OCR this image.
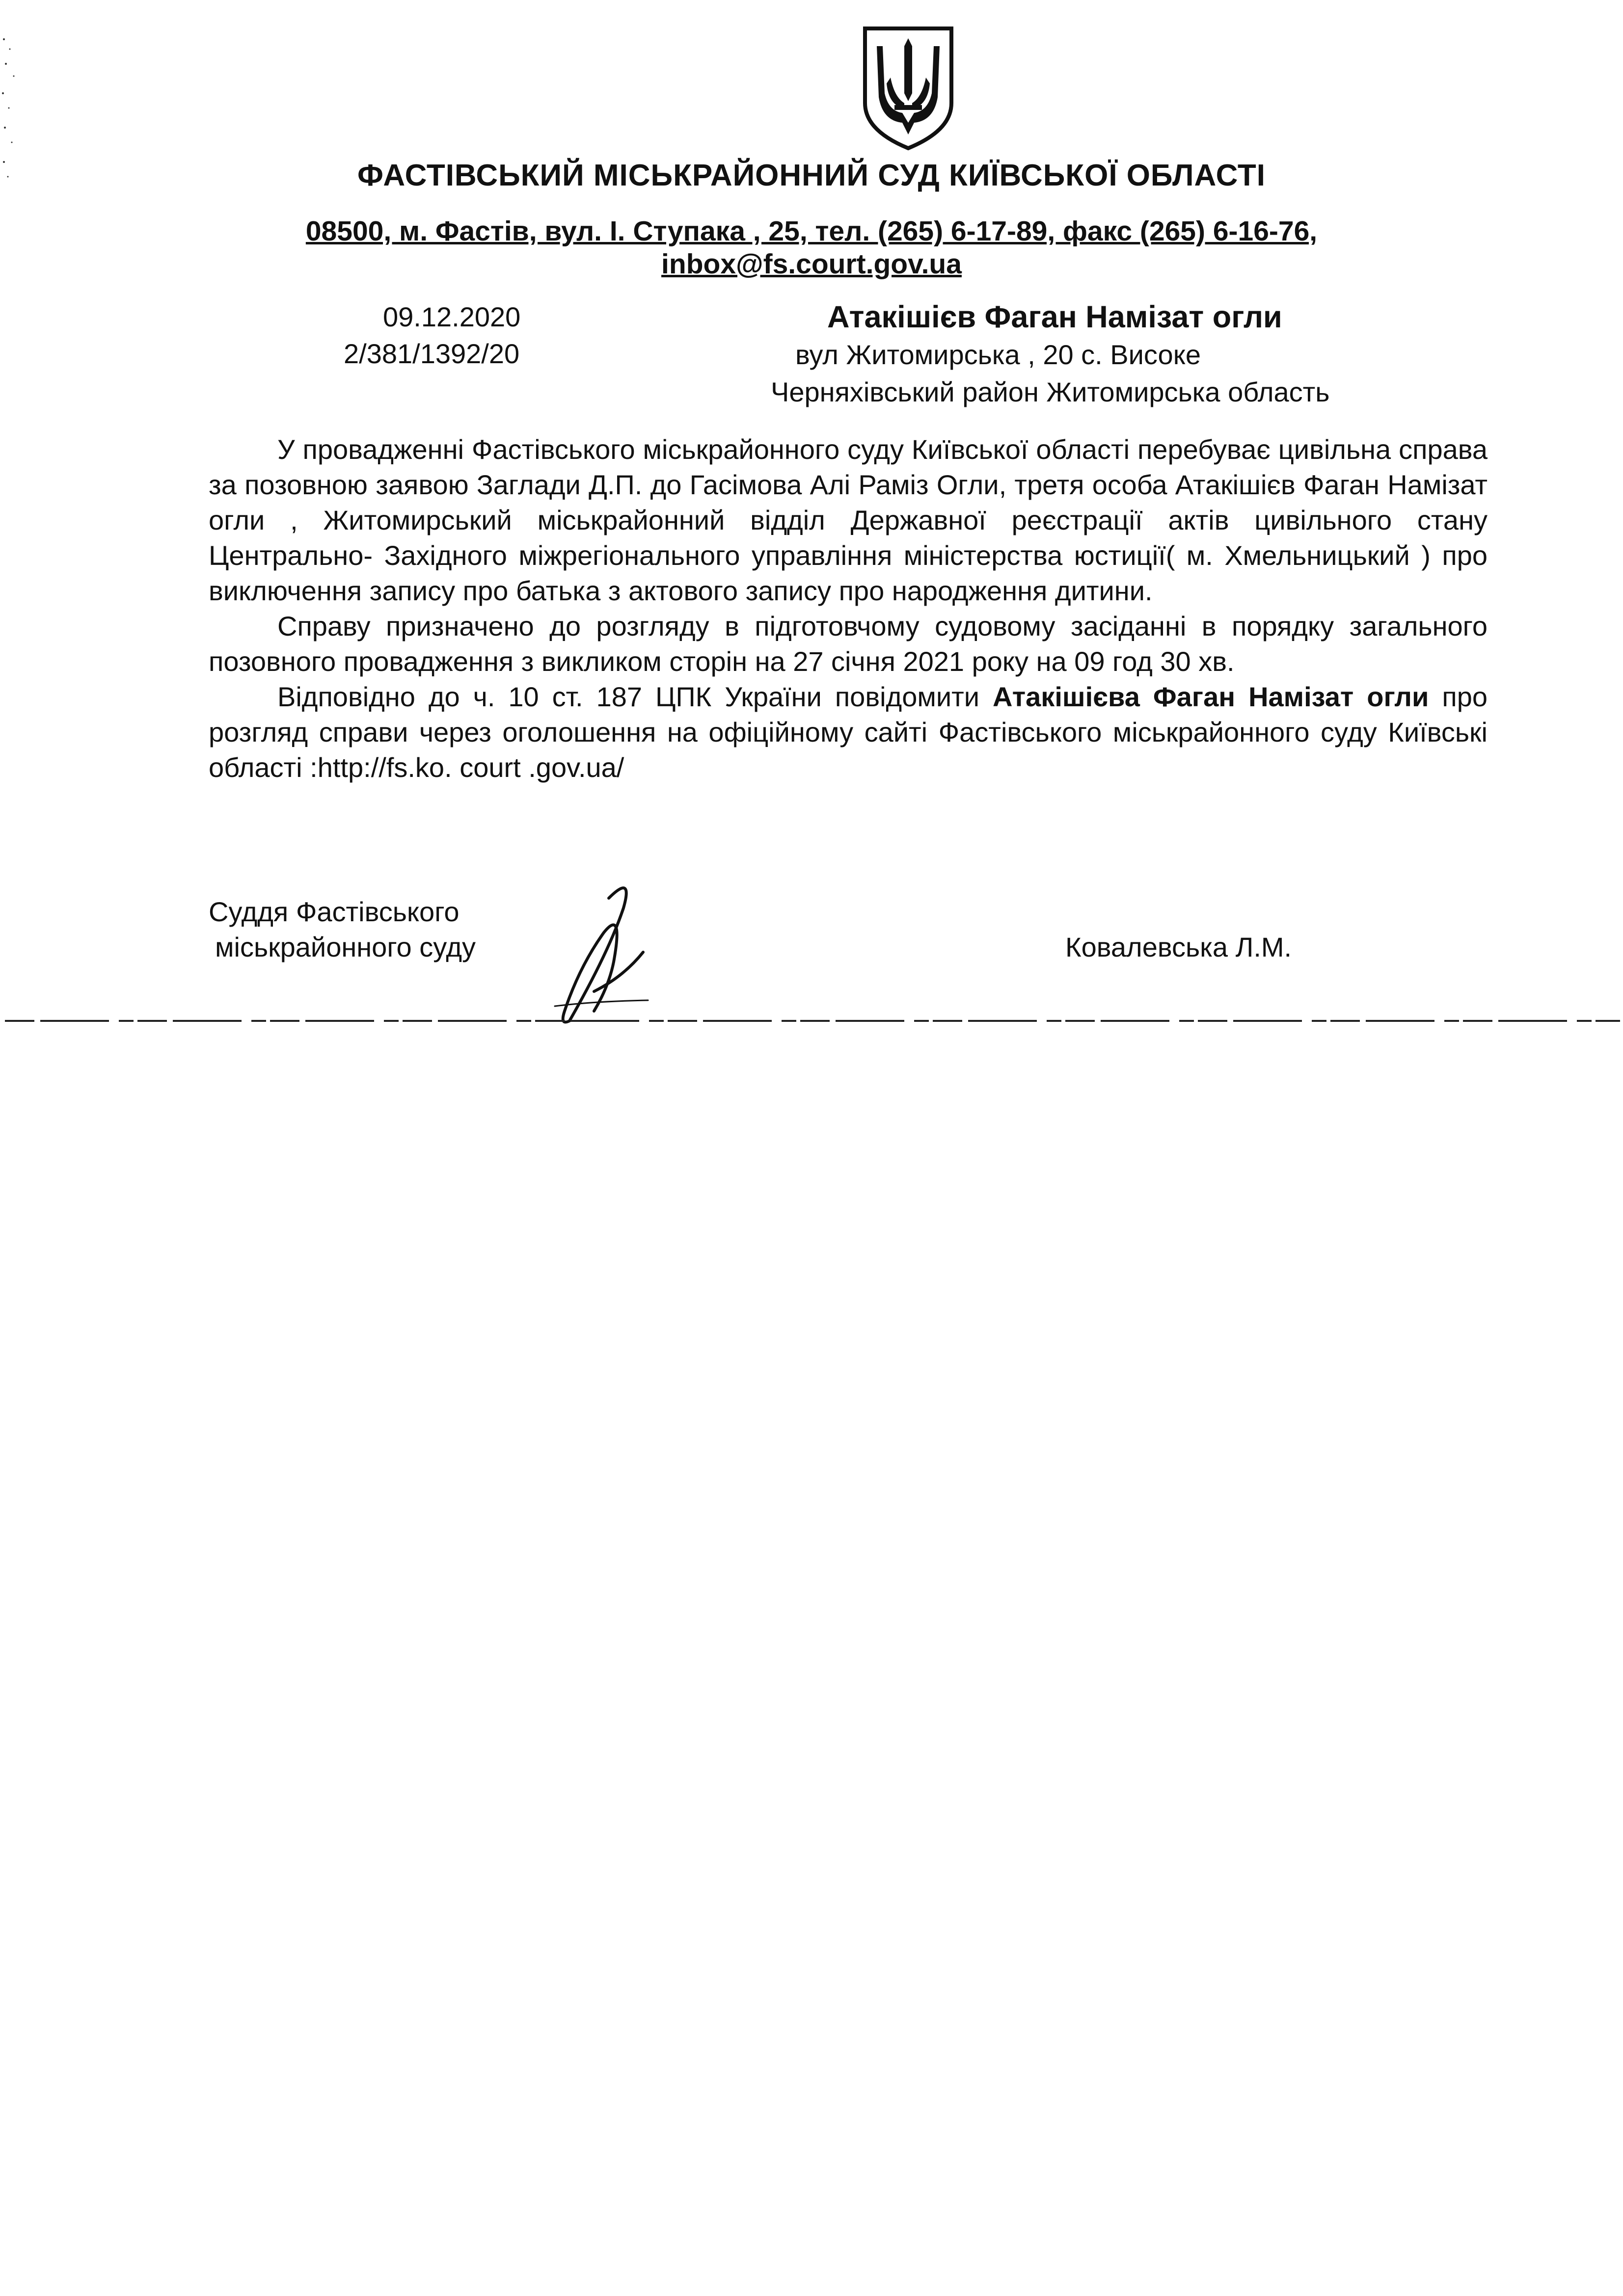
ФАСТІВСЬКИЙ МІСЬКРАЙОННИЙ СУД КИЇВСЬКОЇ ОБЛАСТІ
08500, м. Фастів, вул. І. Ступака , 25, тел. (265) 6-17-89, факс (265) 6-16-76,
inbox@fs.court.gov.ua
09.12.2020
2/381/1392/20
Атакішієв Фаган Намізат огли
вул Житомирська , 20 с. Високе
Черняхівський район Житомирська область

У провадженні Фастівського міськрайонного суду Київської області перебуває цивільна справа за позовною заявою Заглади Д.П. до Гасімова Алі Раміз Огли, третя особа Атакішієв Фаган Намізат огли , Житомирський міськрайонний відділ Державної реєстрації актів цивільного стану Центрально- Західного міжрегіонального управління міністерства юстиції( м. Хмельницький ) про виключення запису про батька з актового запису про народження дитини.

Справу призначено до розгляду в підготовчому судовому засіданні в порядку загального позовного провадження з викликом сторін на 27 січня 2021 року на 09 год 30 хв.

Відповідно до ч. 10 ст. 187 ЦПК України повідомити Атакішієва Фаган Намізат огли про розгляд справи через оголошення на офіційному сайті Фастівського міськрайонного суду Київські області :http://fs.ko. court .gov.ua/

Суддя Фастівського
міськрайонного суду	Ковалевська Л.М.
